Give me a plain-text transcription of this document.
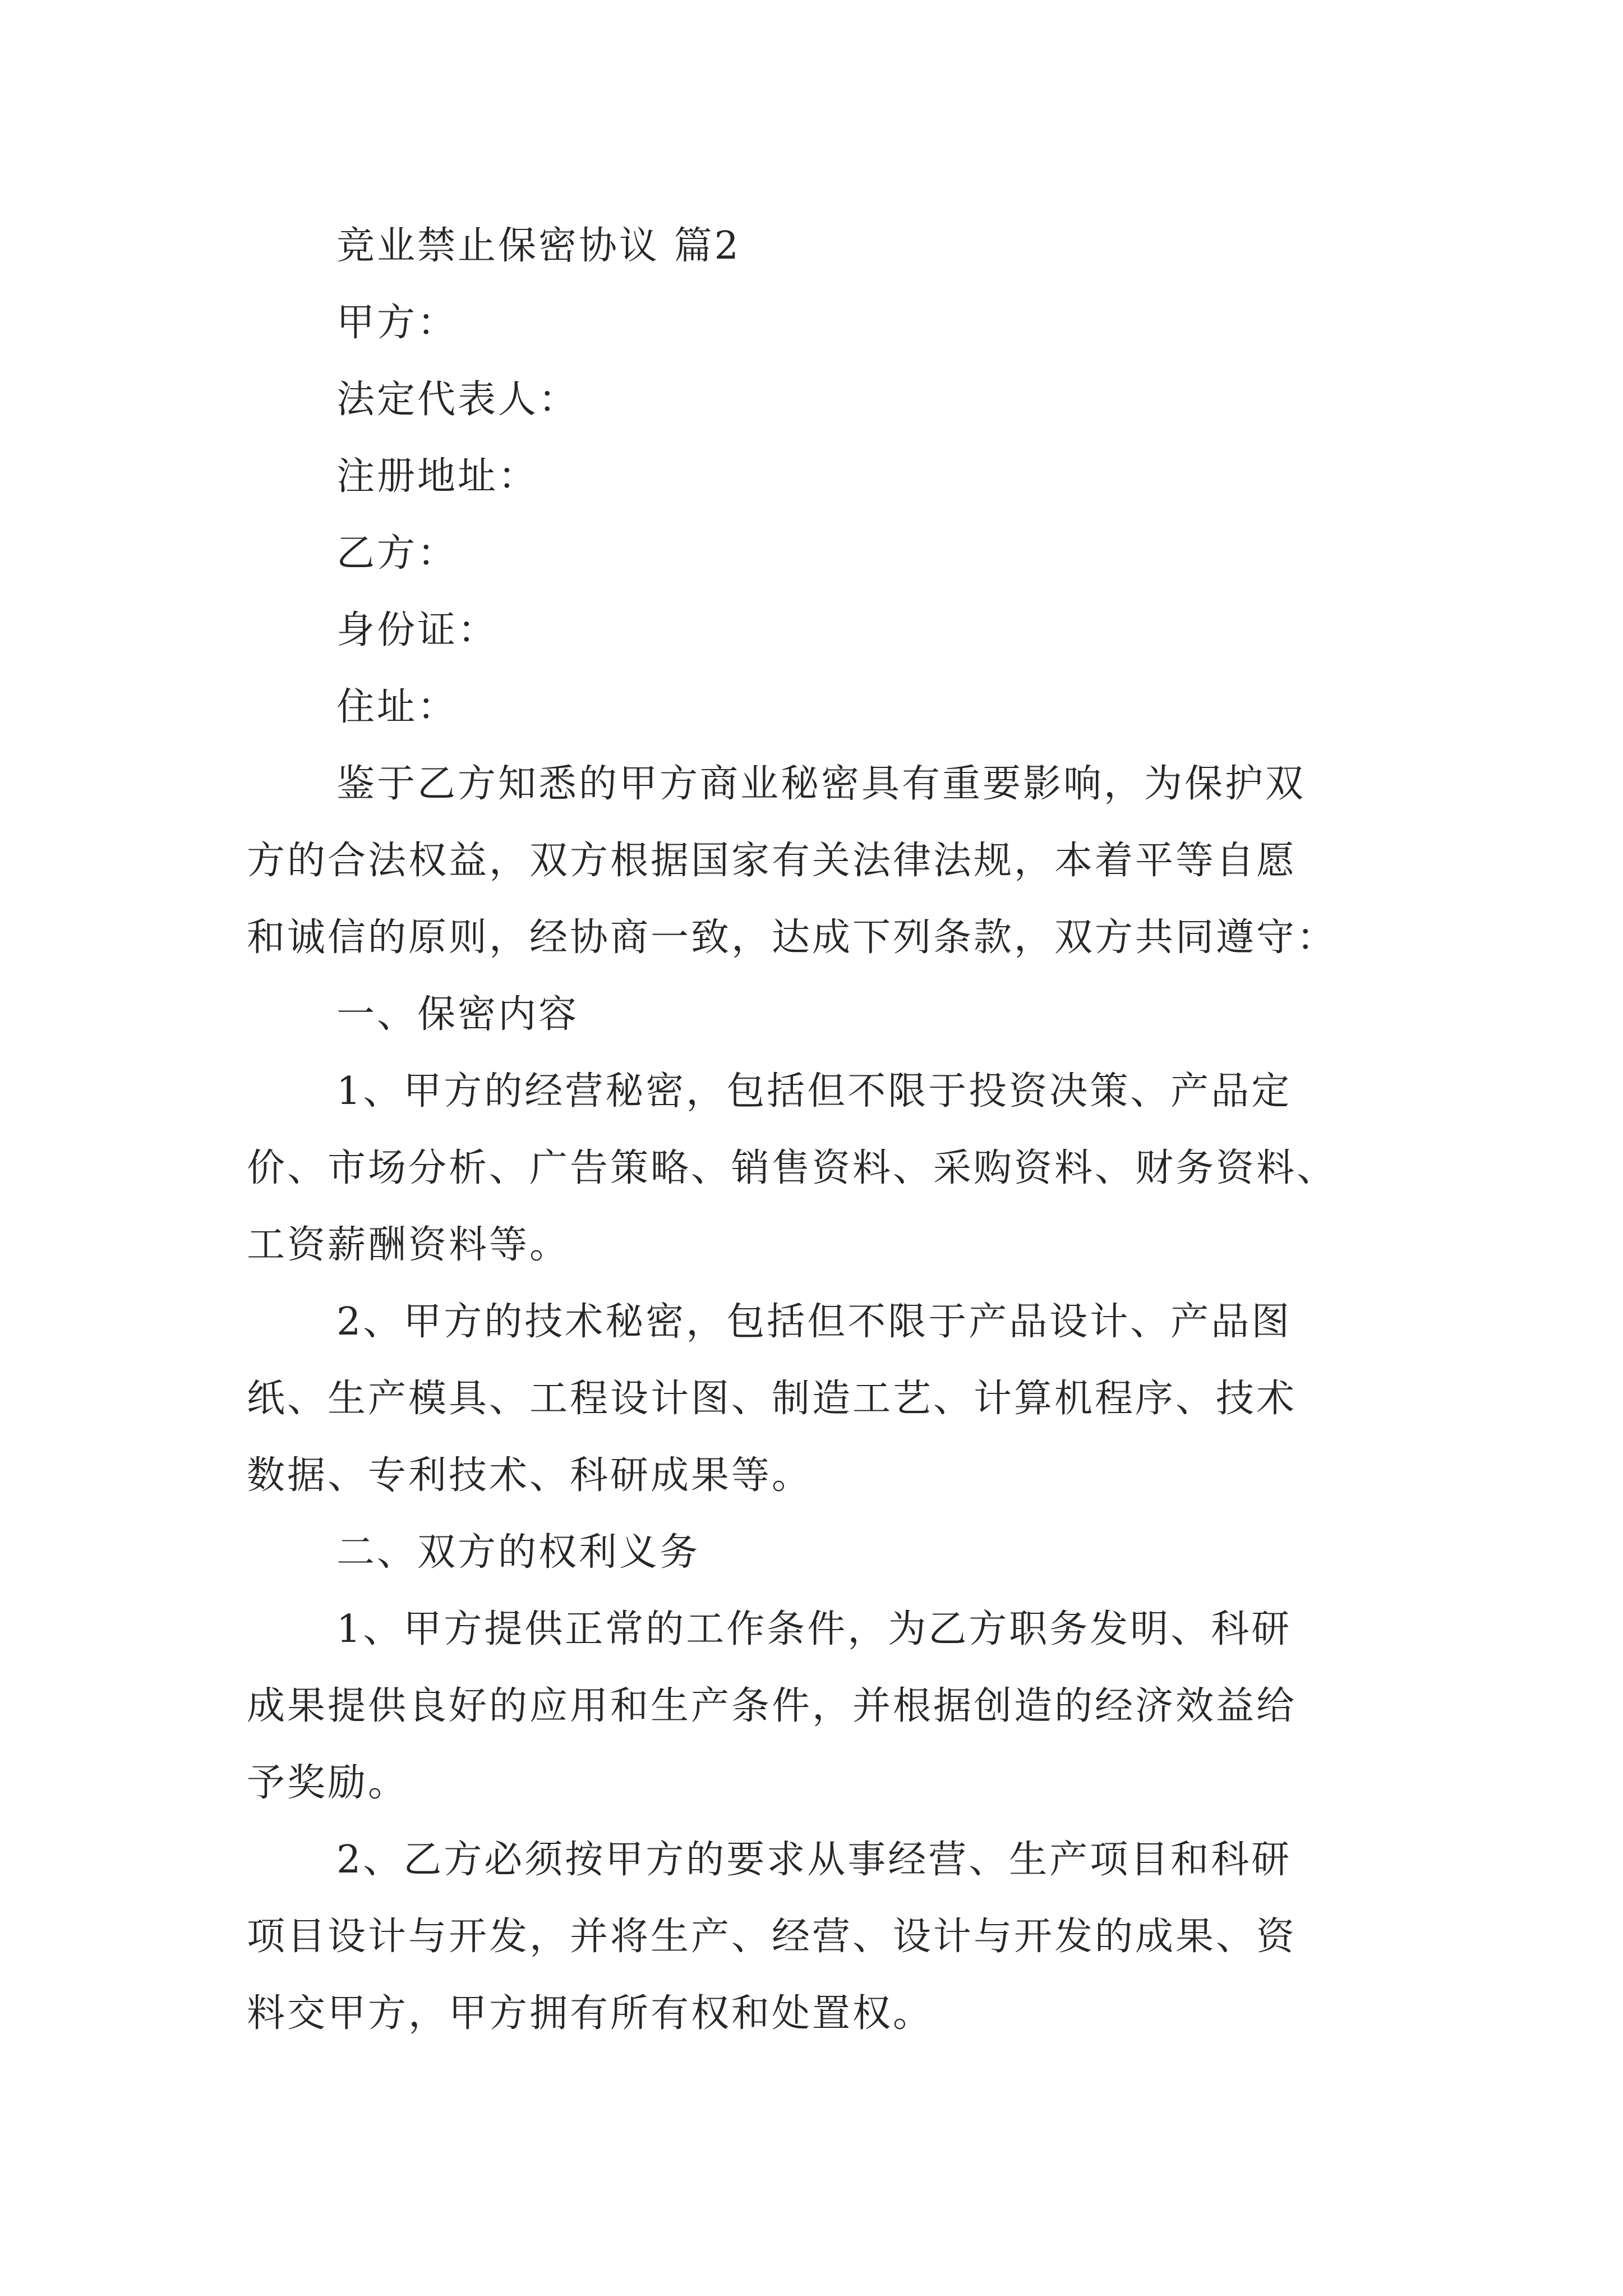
竞业禁止保密协议 篇2
甲方：
法定代表人：
注册地址：
乙方：
身份证：
住址：
鉴于乙方知悉的甲方商业秘密具有重要影响，为保护双
方的合法权益，双方根据国家有关法律法规，本着平等自愿
和诚信的原则，经协商一致，达成下列条款，双方共同遵守：
一、保密内容
1、甲方的经营秘密，包括但不限于投资决策、产品定
价、市场分析、广告策略、销售资料、采购资料、财务资料、
工资薪酬资料等。
2、甲方的技术秘密，包括但不限于产品设计、产品图
纸、生产模具、工程设计图、制造工艺、计算机程序、技术
数据、专利技术、科研成果等。
二、双方的权利义务
1、甲方提供正常的工作条件，为乙方职务发明、科研
成果提供良好的应用和生产条件，并根据创造的经济效益给
予奖励。
2、乙方必须按甲方的要求从事经营、生产项目和科研
项目设计与开发，并将生产、经营、设计与开发的成果、资
料交甲方，甲方拥有所有权和处置权。
